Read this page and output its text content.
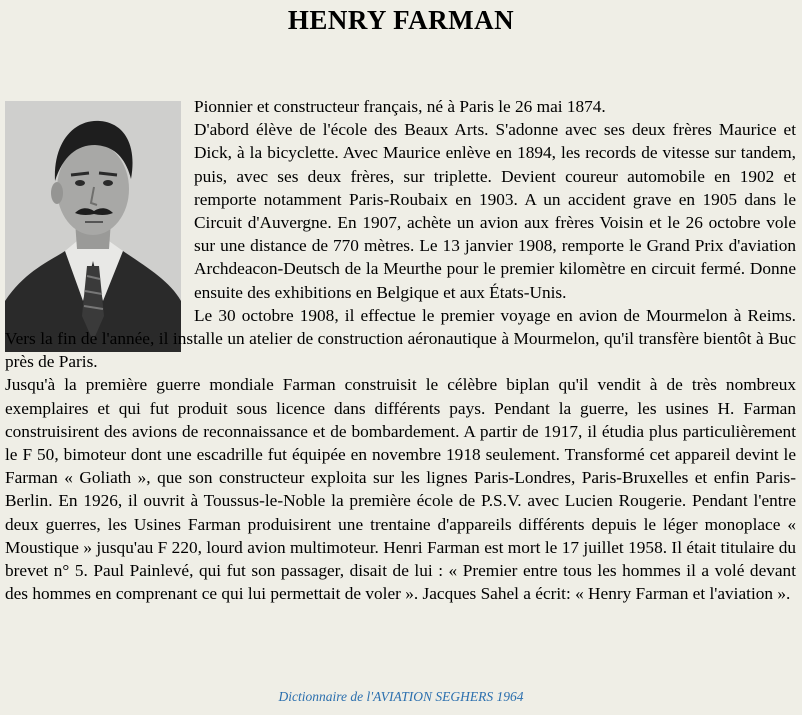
HENRY FARMAN

Pionnier et constructeur français, né à Paris le 26 mai 1874.

D'abord élève de l'école des Beaux Arts. S'adonne avec ses deux frères Maurice et Dick, à la bicyclette. Avec Maurice enlève en 1894, les records de vitesse sur tandem, puis, avec ses deux frères, sur triplette. Devient coureur automobile en 1902 et remporte notamment Paris-Roubaix en 1903. A un accident grave en 1905 dans le Circuit d'Auvergne. En 1907, achète un avion aux frères Voisin et le 26 octobre vole sur une distance de 770 mètres. Le 13 janvier 1908, remporte le Grand Prix d'aviation Archdeacon-Deutsch de la Meurthe pour le premier kilomètre en circuit fermé. Donne ensuite des exhibitions en Belgique et aux États-Unis.

Le 30 octobre 1908, il effectue le premier voyage en avion de Mourmelon à Reims. Vers la fin de l'année, il installe un atelier de construction aéronautique à Mourmelon, qu'il transfère bientôt à Buc près de Paris.

Jusqu'à la première guerre mondiale Farman construisit le célèbre biplan qu'il vendit à de très nombreux exemplaires et qui fut produit sous licence dans différents pays. Pendant la guerre, les usines H. Farman construisirent des avions de reconnaissance et de bombardement. A partir de 1917, il étudia plus particulièrement le F 50, bimoteur dont une escadrille fut équipée en novembre 1918 seulement. Transformé cet appareil devint le Farman « Goliath », que son constructeur exploita sur les lignes Paris-Londres, Paris-Bruxelles et enfin Paris-Berlin. En 1926, il ouvrit à Toussus-le-Noble la première école de P.S.V. avec Lucien Rougerie. Pendant l'entre deux guerres, les Usines Farman produisirent une trentaine d'appareils différents depuis le léger monoplace « Moustique » jusqu'au F 220, lourd avion multimoteur. Henri Farman est mort le 17 juillet 1958. Il était titulaire du brevet n° 5. Paul Painlevé, qui fut son passager, disait de lui : « Premier entre tous les hommes il a volé devant des hommes en comprenant ce qui lui permettait de voler ». Jacques Sahel a écrit: « Henry Farman et l'aviation ».

Dictionnaire de l'AVIATION SEGHERS 1964
